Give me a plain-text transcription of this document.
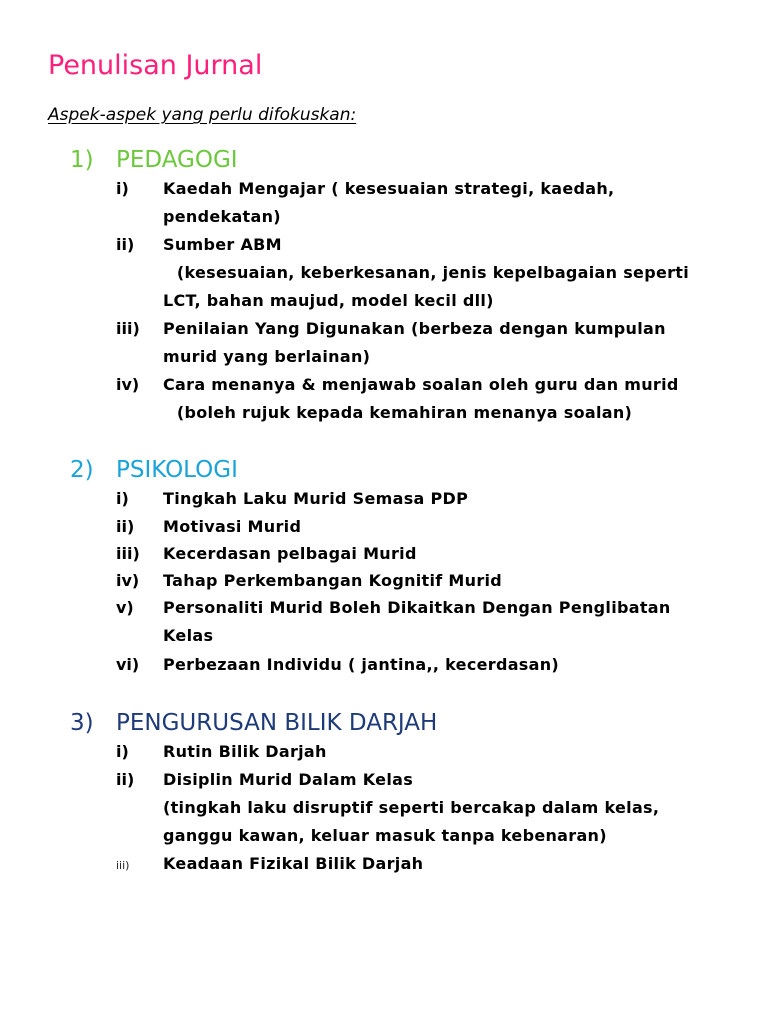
Penulisan Jurnal
Aspek-aspek yang perlu difokuskan:
1) PEDAGOGI
i)	Kaedah Mengajar ( kesesuaian strategi, kaedah,
pendekatan)
ii)	Sumber ABM
(kesesuaian, keberkesanan, jenis kepelbagaian seperti
LCT, bahan maujud, model kecil dll)
iii)	Penilaian Yang Digunakan (berbeza dengan kumpulan
murid yang berlainan)
iv)	Cara menanya & menjawab soalan oleh guru dan murid
(boleh rujuk kepada kemahiran menanya soalan)
2) PSIKOLOGI
i)	Tingkah Laku Murid Semasa PDP
ii)	Motivasi Murid
iii)	Kecerdasan pelbagai Murid
iv)	Tahap Perkembangan Kognitif Murid
v)	Personaliti Murid Boleh Dikaitkan Dengan Penglibatan
Kelas
vi)	Perbezaan Individu ( jantina,, kecerdasan)
3) PENGURUSAN BILIK DARJAH
i)	Rutin Bilik Darjah
ii)	Disiplin Murid Dalam Kelas
(tingkah laku disruptif seperti bercakap dalam kelas,
ganggu kawan, keluar masuk tanpa kebenaran)
iii)	Keadaan Fizikal Bilik Darjah
